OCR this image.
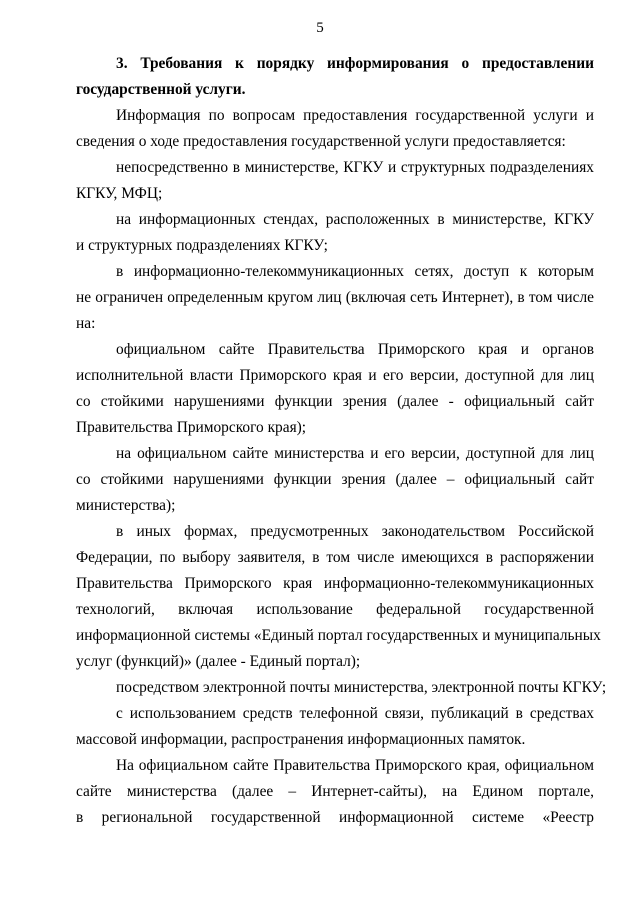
5
3. Требования к порядку информирования о предоставлении
государственной услуги.
Информация по вопросам предоставления государственной услуги и
сведения о ходе предоставления государственной услуги предоставляется:
непосредственно в министерстве, КГКУ и структурных подразделениях
КГКУ, МФЦ;
на информационных стендах, расположенных в министерстве, КГКУ
и структурных подразделениях КГКУ;
в информационно-телекоммуникационных сетях, доступ к которым
не ограничен определенным кругом лиц (включая сеть Интернет), в том числе
на:
официальном сайте Правительства Приморского края и органов
исполнительной власти Приморского края и его версии, доступной для лиц
со стойкими нарушениями функции зрения (далее - официальный сайт
Правительства Приморского края);
на официальном сайте министерства и его версии, доступной для лиц
со стойкими нарушениями функции зрения (далее – официальный сайт
министерства);
в иных формах, предусмотренных законодательством Российской
Федерации, по выбору заявителя, в том числе имеющихся в распоряжении
Правительства Приморского края информационно-телекоммуникационных
технологий, включая использование федеральной государственной
информационной системы «Единый портал государственных и муниципальных
услуг (функций)» (далее - Единый портал);
посредством электронной почты министерства, электронной почты КГКУ;
с использованием средств телефонной связи, публикаций в средствах
массовой информации, распространения информационных памяток.
На официальном сайте Правительства Приморского края, официальном
сайте министерства (далее – Интернет-сайты), на Едином портале,
в региональной государственной информационной системе «Реестр
